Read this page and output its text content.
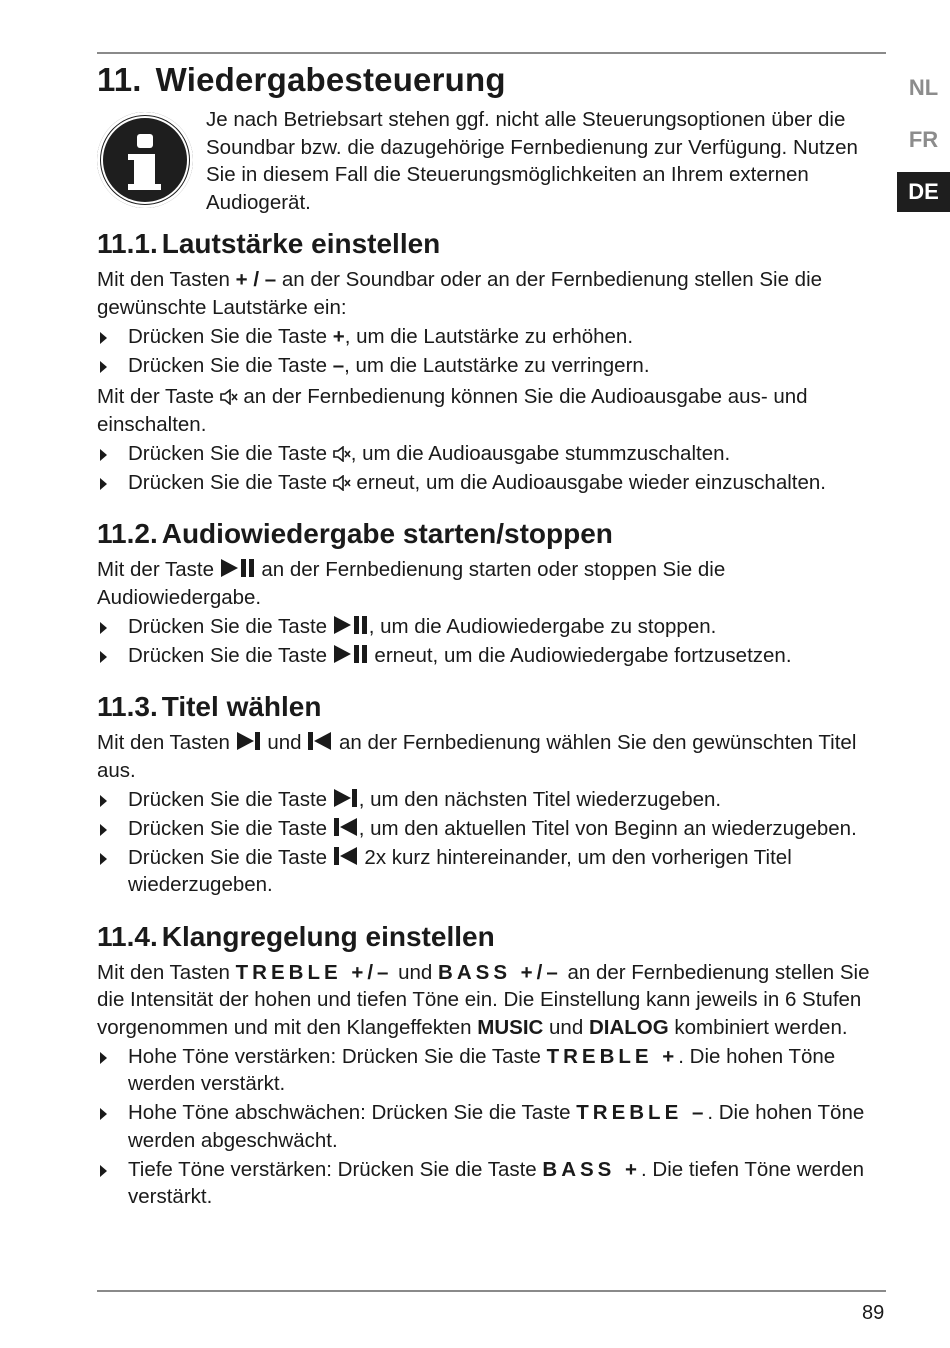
NL
FR
DE
11. Wiedergabesteuerung
Je nach Betriebsart stehen ggf. nicht alle Steuerungsoptionen über die Soundbar bzw. die dazugehörige Fernbedienung zur Verfügung. Nutzen Sie in diesem Fall die Steuerungsmöglichkeiten an Ihrem externen Audiogerät.
11.1. Lautstärke einstellen

Mit den Tasten + / – an der Soundbar oder an der Fernbedienung stellen Sie die gewünschte Lautstärke ein:

Drücken Sie die Taste +, um die Lautstärke zu erhöhen.
Drücken Sie die Taste –, um die Lautstärke zu verringern.

Mit der Taste  an der Fernbedienung können Sie die Audioausgabe aus- und einschalten.

Drücken Sie die Taste , um die Audioausgabe stummzuschalten.
Drücken Sie die Taste  erneut, um die Audioausgabe wieder einzuschalten.
11.2. Audiowiedergabe starten/stoppen

Mit der Taste  an der Fernbedienung starten oder stoppen Sie die Audiowiedergabe.

Drücken Sie die Taste , um die Audiowiedergabe zu stoppen.
Drücken Sie die Taste  erneut, um die Audiowiedergabe fortzusetzen.
11.3. Titel wählen

Mit den Tasten  und  an der Fernbedienung wählen Sie den gewünschten Titel aus.

Drücken Sie die Taste , um den nächsten Titel wiederzugeben.
Drücken Sie die Taste , um den aktuellen Titel von Beginn an wiederzugeben.
Drücken Sie die Taste  2x kurz hintereinander, um den vorherigen Titel wiederzugeben.
11.4. Klangregelung einstellen

Mit den Tasten TREBLE +/– und BASS +/– an der Fernbedienung stellen Sie die Intensität der hohen und tiefen Töne ein. Die Einstellung kann jeweils in 6 Stufen vorgenommen und mit den Klangeffekten MUSIC und DIALOG kombiniert werden.

Hohe Töne verstärken: Drücken Sie die Taste TREBLE +. Die hohen Töne werden verstärkt.
Hohe Töne abschwächen: Drücken Sie die Taste TREBLE –. Die hohen Töne werden abgeschwächt.
Tiefe Töne verstärken: Drücken Sie die Taste BASS +. Die tiefen Töne werden verstärkt.
89
